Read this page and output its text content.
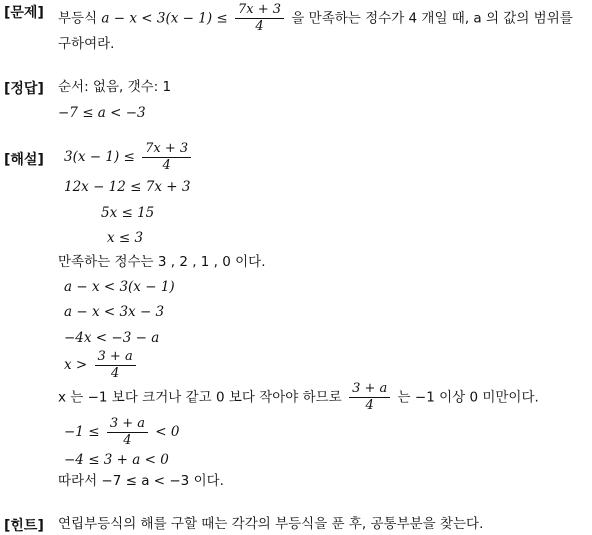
[문제] 부등식 $a - x < 3(x - 1) \le \frac{7x + 3}{4}$ 을 만족하는 정수가 4 개일 때, a 의 값의 범위를
구하여라.
[정답] 순서: 없음, 갯수: 1
−7 ≤ a < −3
[해설] $3(x - 1) \le \frac{7x + 3}{4}$
12x − 12 ≤ 7x + 3
5x ≤ 15
x ≤ 3
만족하는 정수는 3 , 2 , 1 , 0 이다.
a − x < 3(x − 1)
a − x < 3x − 3
−4x < −3 − a
$x > \frac{3 + a}{4}$
x 는 −1 보다 크거나 같고 0 보다 작아야 하므로 $\frac{3 + a}{4}$ 는 −1 이상 0 미만이다.
$-1 \le \frac{3 + a}{4} < 0$
−4 ≤ 3 + a < 0
따라서 −7 ≤ a < −3 이다.
[힌트] 연립부등식의 해를 구할 때는 각각의 부등식을 푼 후, 공통부분을 찾는다.
